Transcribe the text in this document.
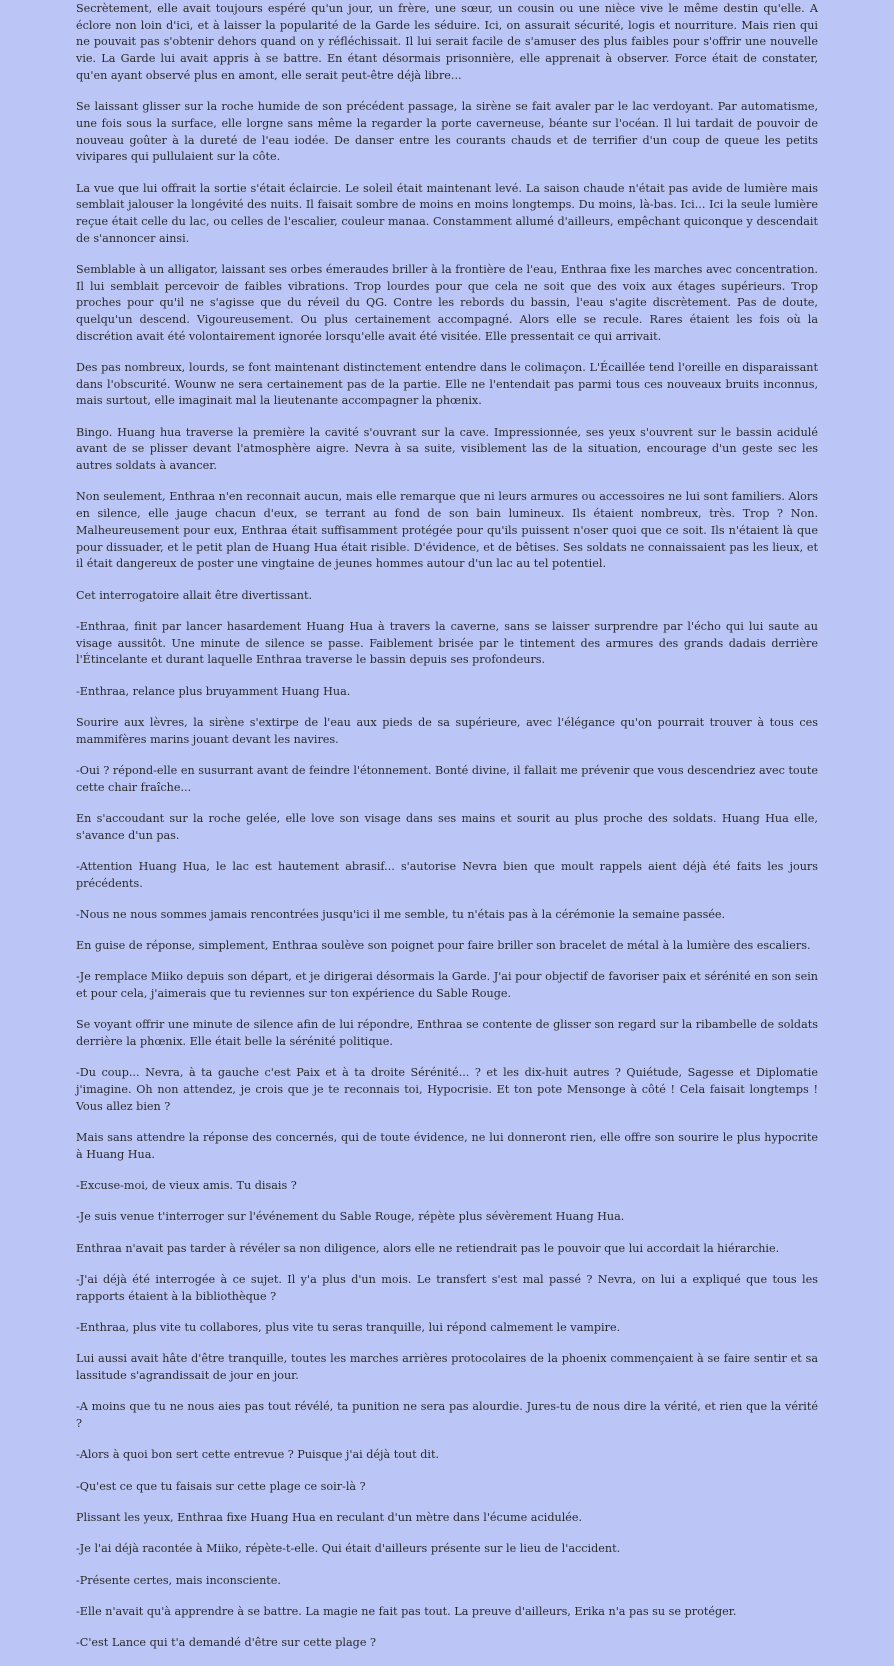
Secrètement, elle avait toujours espéré qu'un jour, un frère, une sœur, un cousin ou une nièce vive le même destin qu'elle. A éclore non loin d'ici, et à laisser la popularité de la Garde les séduire. Ici, on assurait sécurité, logis et nourriture. Mais rien qui ne pouvait pas s'obtenir dehors quand on y réfléchissait. Il lui serait facile de s'amuser des plus faibles pour s'offrir une nouvelle vie. La Garde lui avait appris à se battre. En étant désormais prisonnière, elle apprenait à observer. Force était de constater, qu'en ayant observé plus en amont, elle serait peut-être déjà libre...

Se laissant glisser sur la roche humide de son précédent passage, la sirène se fait avaler par le lac verdoyant. Par automatisme, une fois sous la surface, elle lorgne sans même la regarder la porte caverneuse, béante sur l'océan. Il lui tardait de pouvoir de nouveau goûter à la dureté de l'eau iodée. De danser entre les courants chauds et de terrifier d'un coup de queue les petits vivipares qui pullulaient sur la côte.

La vue que lui offrait la sortie s'était éclaircie. Le soleil était maintenant levé. La saison chaude n'était pas avide de lumière mais semblait jalouser la longévité des nuits. Il faisait sombre de moins en moins longtemps. Du moins, là-bas. Ici... Ici la seule lumière reçue était celle du lac, ou celles de l'escalier, couleur manaa. Constamment allumé d'ailleurs, empêchant quiconque y descendait de s'annoncer ainsi.

Semblable à un alligator, laissant ses orbes émeraudes briller à la frontière de l'eau, Enthraa fixe les marches avec concentration. Il lui semblait percevoir de faibles vibrations. Trop lourdes pour que cela ne soit que des voix aux étages supérieurs. Trop proches pour qu'il ne s'agisse que du réveil du QG. Contre les rebords du bassin, l'eau s'agite discrètement. Pas de doute, quelqu'un descend. Vigoureusement. Ou plus certainement accompagné. Alors elle se recule. Rares étaient les fois où la discrétion avait été volontairement ignorée lorsqu'elle avait été visitée. Elle pressentait ce qui arrivait.

Des pas nombreux, lourds, se font maintenant distinctement entendre dans le colimaçon. L'Écaillée tend l'oreille en disparaissant dans l'obscurité. Wounw ne sera certainement pas de la partie. Elle ne l'entendait pas parmi tous ces nouveaux bruits inconnus, mais surtout, elle imaginait mal la lieutenante accompagner la phœnix.

Bingo. Huang hua traverse la première la cavité s'ouvrant sur la cave. Impressionnée, ses yeux s'ouvrent sur le bassin acidulé avant de se plisser devant l'atmosphère aigre. Nevra à sa suite, visiblement las de la situation, encourage d'un geste sec les autres soldats à avancer.

Non seulement, Enthraa n'en reconnait aucun, mais elle remarque que ni leurs armures ou accessoires ne lui sont familiers. Alors en silence, elle jauge chacun d'eux, se terrant au fond de son bain lumineux. Ils étaient nombreux, très. Trop ? Non. Malheureusement pour eux, Enthraa était suffisamment protégée pour qu'ils puissent n'oser quoi que ce soit. Ils n'étaient là que pour dissuader, et le petit plan de Huang Hua était risible. D'évidence, et de bêtises. Ses soldats ne connaissaient pas les lieux, et il était dangereux de poster une vingtaine de jeunes hommes autour d'un lac au tel potentiel.

Cet interrogatoire allait être divertissant.

-Enthraa, finit par lancer hasardement Huang Hua à travers la caverne, sans se laisser surprendre par l'écho qui lui saute au visage aussitôt. Une minute de silence se passe. Faiblement brisée par le tintement des armures des grands dadais derrière l'Étincelante et durant laquelle Enthraa traverse le bassin depuis ses profondeurs.

-Enthraa, relance plus bruyamment Huang Hua.

Sourire aux lèvres, la sirène s'extirpe de l'eau aux pieds de sa supérieure, avec l'élégance qu'on pourrait trouver à tous ces mammifères marins jouant devant les navires.

-Oui ? répond-elle en susurrant avant de feindre l'étonnement. Bonté divine, il fallait me prévenir que vous descendriez avec toute cette chair fraîche...

En s'accoudant sur la roche gelée, elle love son visage dans ses mains et sourit au plus proche des soldats. Huang Hua elle, s'avance d'un pas.

-Attention Huang Hua, le lac est hautement abrasif... s'autorise Nevra bien que moult rappels aient déjà été faits les jours précédents.

-Nous ne nous sommes jamais rencontrées jusqu'ici il me semble, tu n'étais pas à la cérémonie la semaine passée.

En guise de réponse, simplement, Enthraa soulève son poignet pour faire briller son bracelet de métal à la lumière des escaliers.

-Je remplace Miiko depuis son départ, et je dirigerai désormais la Garde. J'ai pour objectif de favoriser paix et sérénité en son sein et pour cela, j'aimerais que tu reviennes sur ton expérience du Sable Rouge.

Se voyant offrir une minute de silence afin de lui répondre, Enthraa se contente de glisser son regard sur la ribambelle de soldats derrière la phœnix. Elle était belle la sérénité politique.

-Du coup... Nevra, à ta gauche c'est Paix et à ta droite Sérénité... ? et les dix-huit autres ? Quiétude, Sagesse et Diplomatie j'imagine. Oh non attendez, je crois que je te reconnais toi, Hypocrisie. Et ton pote Mensonge à côté ! Cela faisait longtemps ! Vous allez bien ?

Mais sans attendre la réponse des concernés, qui de toute évidence, ne lui donneront rien, elle offre son sourire le plus hypocrite à Huang Hua.

-Excuse-moi, de vieux amis. Tu disais ?

-Je suis venue t'interroger sur l'événement du Sable Rouge, répète plus sévèrement Huang Hua.

Enthraa n'avait pas tarder à révéler sa non diligence, alors elle ne retiendrait pas le pouvoir que lui accordait la hiérarchie.

-J'ai déjà été interrogée à ce sujet. Il y'a plus d'un mois. Le transfert s'est mal passé ? Nevra, on lui a expliqué que tous les rapports étaient à la bibliothèque ?

-Enthraa, plus vite tu collabores, plus vite tu seras tranquille, lui répond calmement le vampire.

Lui aussi avait hâte d'être tranquille, toutes les marches arrières protocolaires de la phoenix commençaient à se faire sentir et sa lassitude s'agrandissait de jour en jour.

-A moins que tu ne nous aies pas tout révélé, ta punition ne sera pas alourdie. Jures-tu de nous dire la vérité, et rien que la vérité ?

-Alors à quoi bon sert cette entrevue ? Puisque j'ai déjà tout dit.

-Qu'est ce que tu faisais sur cette plage ce soir-là ?

Plissant les yeux, Enthraa fixe Huang Hua en reculant d'un mètre dans l'écume acidulée.

-Je l'ai déjà racontée à Miiko, répète-t-elle. Qui était d'ailleurs présente sur le lieu de l'accident.

-Présente certes, mais inconsciente.

-Elle n'avait qu'à apprendre à se battre. La magie ne fait pas tout. La preuve d'ailleurs, Erika n'a pas su se protéger.

-C'est Lance qui t'a demandé d'être sur cette plage ?
